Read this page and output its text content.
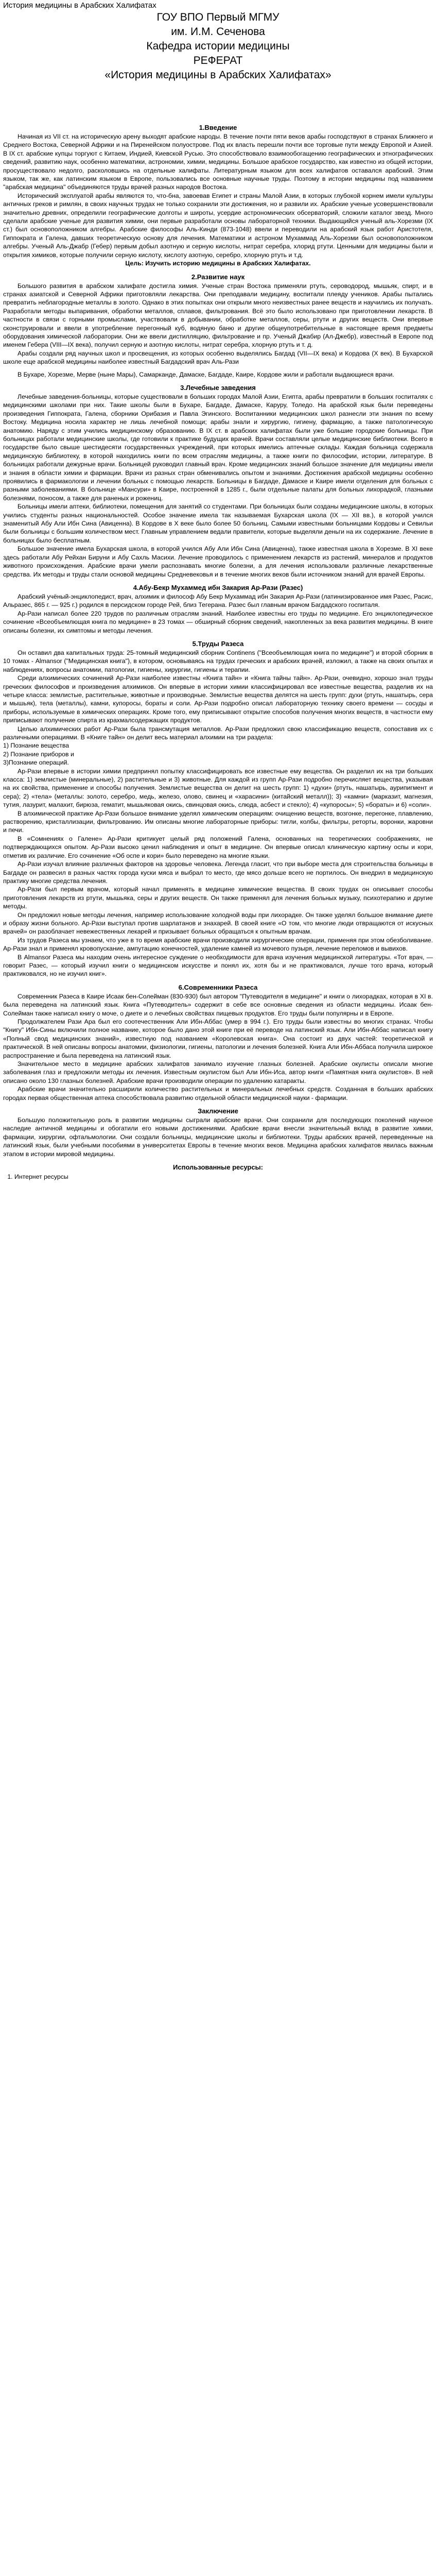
История медицины в Арабских Халифатах

ГОУ ВПО Первый МГМУ

им. И.М. Сеченова

Кафедра истории медицины

РЕФЕРАТ

«История медицины в Арабских Халифатах»

1.Введение

Начиная из VII ст. на историческую арену выходят арабские народы. В течение почти пяти веков арабы господствуют в странах Ближнего и Среднего Востока, Северной Африки и на Пиренейском полуострове. Под их власть перешли почти все торговые пути между Европой и Азией. В IX ст. арабские купцы торгуют с Китаем, Индией, Киевской Русью. Это способствовало взаимообогащению географических и этнографических сведений, развитию наук, особенно математики, астрономии, химии, медицины. Большое арабское государство, как известно из общей истории, просуществовало недолго, расколовшись на отдельные халифаты. Литературным языком для всех халифатов оставался арабский. Этим языком, так же, как латинским языком в Европе, пользовались все основные научные труды. Поэтому в истории медицины под названием "арабская медицина" объединяются труды врачей разных народов Востока.

Исторический эксплуатой арабы являются то, что-бна, завоевав Египет и страны Малой Азии, в которых глубокой корнем имели культуры античных греков и римлян, в своих научных трудах не только сохранили эти достижения, но и развили их. Арабские ученые усовершенствовали значительно древних, определили географические долготы и широты, усердие астрономических обсерваторий, сложили каталог звезд. Много сделали арабские ученые для развития химии, они первые разработали основы лабораторной техники. Выдающийся ученый аль-Хорезми (IX ст.) был основоположником алгебры. Арабские философы Аль-Кинди (873-1048) ввели и переводили на арабский язык работ Аристотеля, Гиппократа и Галена, давших теоретическую основу для лечения. Математики и астроном Мухаммад Аль-Хорезми был основоположником алгебры. Ученый Аль-Джабр (Гебер) первым добыл азотную и серную кислоты, нитрат серебра, хлорид ртути. Ценными для медицины были и открытия химиков, которые получили серную кислоту, кислоту азотную, серебро, хлорную ртуть и т.д.

Цель: Изучить историю медицины в Арабских Халифатах.

2.Развитие наук

Большого развития в арабском халифате достигла химия. Ученые стран Востока применяли ртуть, сероводород, мышьяк, спирт, и в странах азиатской и Северной Африки приготовляли лекарства. Они преподавали медицину, воспитали плеяду учеников. Арабы пытались превратить неблагородные металлы в золото. Однако в этих попытках они открыли много неизвестных ранее веществ и научились их получать. Разработали методы выпаривания, обработки металлов, сплавов, фильтрования. Всё это было использовано при приготовлении лекарств. В частности в связи с горными промыслами, участвовали в добывании, обработке металлов, серы, ртути и других веществ. Они впервые сконструировали и ввели в употребление перегонный куб, водяную баню и другие общеупотребительные в настоящее время предметы оборудования химической лаборатории. Они же ввели дистилляцию, фильтрование и пр. Ученый Джабир (Ал-Джебр), известный в Европе под именем Гебера (VIII—IX века), получил серную и азотную кислоты, нитрат серебра, хлорную ртуть и т. д.

Арабы создали ряд научных школ и просвещения, из которых особенно выделялись Багдад (VII—IX века) и Кордова (X век). В Бухарской школе еще арабской медицины наиболее известный Багдадский врач Аль-Рази

В Бухаре, Хорезме, Мерве (ныне Мары), Самарканде, Дамаске, Багдаде, Каире, Кордове жили и работали выдающиеся врачи.

3.Лечебные заведения

Лечебные заведения-больницы, которые существовали в больших городах Малой Азии, Египта, арабы превратили в больших госпиталях с медицинскими школами при них. Такие школы были в Бухаре, Багдаде, Дамаске, Каруру, Толедо. На арабской язык были переведены произведения Гиппократа, Галена, сборники Орибазия и Павла Эгинского. Воспитанники медицинских школ разнесли эти знания по всему Востоку. Медицина носила характер не лишь лечебной помощи; арабы знали и хирургию, гигиену, фармацию, а также патологическую анатомию. Наряду с этим учились медицинскому образованию. В IX ст. в арабских халифатах были уже большие городские больницы. При больницах работали медицинские школы, где готовили к практике будущих врачей. Врачи составляли целые медицинские библиотеки. Всего в государстве было свыше шестидесяти государственных учреждений, при которых имелись аптечные склады. Каждая больница содержала медицинскую библиотеку, в которой находились книги по всем отраслям медицины, а также книги по философии, истории, литературе. В больницах работали дежурные врачи. Больницей руководил главный врач. Кроме медицинских знаний большое значение для медицины имели и знания в области химии и фармации. Врачи из разных стран обменивались опытом и знаниями. Достижения арабской медицины особенно проявились в фармакологии и лечении больных с помощью лекарств. Больницы в Багдаде, Дамаске и Каире имели отделения для больных с разными заболеваниями. В больнице «Мансури» в Каире, построенной в 1285 г., были отдельные палаты для больных лихорадкой, глазными болезнями, поносом, а также для раненых и рожениц.

Больницы имели аптеки, библиотеки, помещения для занятий со студентами. При больницах были созданы медицинские школы, в которых учились студенты разных национальностей. Особое значение имела так называемая Бухарская школа (IX — XII вв.), в которой учился знаменитый Абу Али Ибн Сина (Авиценна). В Кордове в X веке было более 50 больниц. Самыми известными больницами Кордовы и Севильи были больницы с большим количеством мест. Главным управлением ведали правители, которые выделяли деньги на их содержание. Лечение в больницах было бесплатным.

Большое значение имела Бухарская школа, в которой учился Абу Али Ибн Сина (Авиценна), также известная школа в Хорезме. В XI веке здесь работали Абу Рейхан Бируни и Абу Сахль Масихи. Лечение проводилось с применением лекарств из растений, минералов и продуктов животного происхождения. Арабские врачи умели распознавать многие болезни, а для лечения использовали различные лекарственные средства. Их методы и труды стали основой медицины Средневековья и в течение многих веков были источником знаний для врачей Европы.

4.Абу-Бекр Мухаммед ибн Закария Ар-Рази (Разес)

Арабский учёный-энциклопедист, врач, алхимик и философ Абу Бекр Мухаммад ибн Закария Ар-Рази (латинизированное имя Разес, Расис, Альразес, 865 г. — 925 г.) родился в персидском городе Рей, близ Тегерана. Разес был главным врачом Багдадского госпиталя.

Ар-Рази написал более 220 трудов по различным отраслям знаний. Наиболее известны его труды по медицине. Его энциклопедическое сочинение «Всеобъемлющая книга по медицине» в 23 томах — обширный сборник сведений, накопленных за века развития медицины. В книге описаны болезни, их симптомы и методы лечения.

5.Труды Разеса

Он оставил два капитальных труда: 25-томный медицинский сборник Continens ("Всеобъемлющая книга по медицине") и второй сборник в 10 томах - Almansor ("Медицинская книга"), в котором, основываясь на трудах греческих и арабских врачей, изложил, а также на своих опытах и наблюдениях, вопросы анатомии, патологии, гигиены, хирургии, гигиены и терапии.

Среди алхимических сочинений Ар-Рази наиболее известны «Книга тайн» и «Книга тайны тайн». Ар-Рази, очевидно, хорошо знал труды греческих философов и произведения алхимиков. Он впервые в истории химии классифицировал все известные вещества, разделив их на четыре класса: землистые, растительные, животные и производные. Землистые вещества делятся на шесть групп: духи (ртуть, нашатырь, сера и мышьяк), тела (металлы), камни, купоросы, бораты и соли. Ар-Рази подробно описал лабораторную технику своего времени — сосуды и приборы, используемые в химических операциях. Кроме того, ему приписывают открытие способов получения многих веществ, в частности ему приписывают получение спирта из крахмалсодержащих продуктов.

Целью алхимических работ Ар-Рази была трансмутация металлов. Ар-Рази предложил свою классификацию веществ, сопоставив их с различными операциями. В «Книге тайн» он делит весь материал алхимии на три раздела:

1) Познание вещества

2) Познание приборов и

3)Познание операций.

Ар-Рази впервые в истории химии предпринял попытку классифицировать все известные ему вещества. Он разделил их на три больших класса: 1) землистые (минеральные), 2) растительные и 3) животные. Для каждой из групп Ар-Рази подробно перечисляет вещества, указывая на их свойства, применение и способы получения. Землистые вещества он делит на шесть групп: 1) «духи» (ртуть, нашатырь, аурипигмент и сера); 2) «тела» (металлы: золото, серебро, медь, железо, олово, свинец и «харасини» (китайский металл)); 3) «камни» (марказит, магнезия, тутия, лазурит, малахит, бирюза, гематит, мышьяковая окись, свинцовая окись, слюда, асбест и стекло); 4) «купоросы»; 5) «бораты» и 6) «соли».

В алхимической практике Ар-Рази большое внимание уделял химическим операциям: очищению веществ, возгонке, перегонке, плавлению, растворению, кристаллизации, фильтрованию. Им описаны многие лабораторные приборы: тигли, колбы, фильтры, реторты, воронки, жаровни и печи.

В «Сомнениях о Галене» Ар-Рази критикует целый ряд положений Галена, основанных на теоретических соображениях, не подтверждающихся опытом. Ар-Рази высоко ценил наблюдения и опыт в медицине. Он впервые описал клиническую картину оспы и кори, отметив их различие. Его сочинение «Об оспе и кори» было переведено на многие языки.

Ар-Рази изучал влияние различных факторов на здоровье человека. Легенда гласит, что при выборе места для строительства больницы в Багдаде он развесил в разных частях города куски мяса и выбрал то место, где мясо дольше всего не портилось. Он внедрил в медицинскую практику многие средства лечения.

Ар-Рази был первым врачом, который начал применять в медицине химические вещества. В своих трудах он описывает способы приготовления лекарств из ртути, мышьяка, серы и других веществ. Он также применял для лечения больных музыку, психотерапию и другие методы.

Он предложил новые методы лечения, например использование холодной воды при лихорадке. Он также уделял большое внимание диете и образу жизни больного. Ар-Рази выступал против шарлатанов и знахарей. В своей книге «О том, что многие люди отвращаются от искусных врачей» он разоблачает невежественных лекарей и призывает больных обращаться к опытным врачам.

Из трудов Разеса мы узнаем, что уже в то время арабские врачи производили хирургические операции, применяя при этом обезболивание. Ар-Рази знал и применял кровопускание, ампутацию конечностей, удаление камней из мочевого пузыря, лечение переломов и вывихов.

В Almansor Разеса мы находим очень интересное суждение о необходимости для врача изучения медицинской литературы. «Тот врач, — говорит Разес, — который изучил книги о медицинском искусстве и понял их, хотя бы и не практиковался, лучше того врача, который практиковался, но не изучил книг».

6.Современники Разеса

Современник Разеса в Каире Исаак бен-Солейман (830-930) был автором "Путеводителя в медицине" и книги о лихорадках, которая в XI в. была переведена на латинский язык. Книга «Путеводитель» содержит в себе все основные сведения из области медицины. Исаак бен-Солейман также написал книгу о моче, о диете и о лечебных свойствах пищевых продуктов. Его труды были популярны и в Европе.

Продолжателем Рази Ара был его соотечественник Али Ибн-Аббас (умер в 994 г.). Его труды были известны во многих странах. Чтобы "Книгу" Ибн-Сины включили полное название, которое было дано этой книге при её переводе на латинский язык. Али Ибн-Аббас написал книгу «Полный свод медицинских знаний», известную под названием «Королевская книга». Она состоит из двух частей: теоретической и практической. В ней описаны вопросы анатомии, физиологии, гигиены, патологии и лечения болезней. Книга Али Ибн-Аббаса получила широкое распространение и была переведена на латинский язык.

Значительное место в медицине арабских халифатов занимало изучение глазных болезней. Арабские окулисты описали многие заболевания глаз и предложили методы их лечения. Известным окулистом был Али Ибн-Иса, автор книги «Памятная книга окулистов». В ней описано около 130 глазных болезней. Арабские врачи производили операции по удалению катаракты.

Арабские врачи значительно расширили количество растительных и минеральных лечебных средств. Созданная в больших арабских городах первая общественная аптека способствовала развитию отдельной области медицинской науки - фармации.

Заключение

Большую положительную роль в развитии медицины сыграли арабские врачи. Они сохранили для последующих поколений научное наследие античной медицины и обогатили его новыми достижениями. Арабские врачи внесли значительный вклад в развитие химии, фармации, хирургии, офтальмологии. Они создали больницы, медицинские школы и библиотеки. Труды арабских врачей, переведенные на латинский язык, были учебными пособиями в университетах Европы в течение многих веков. Медицина арабских халифатов явилась важным этапом в истории мировой медицины.

Использованные ресурсы:
1. Интернет ресурсы
